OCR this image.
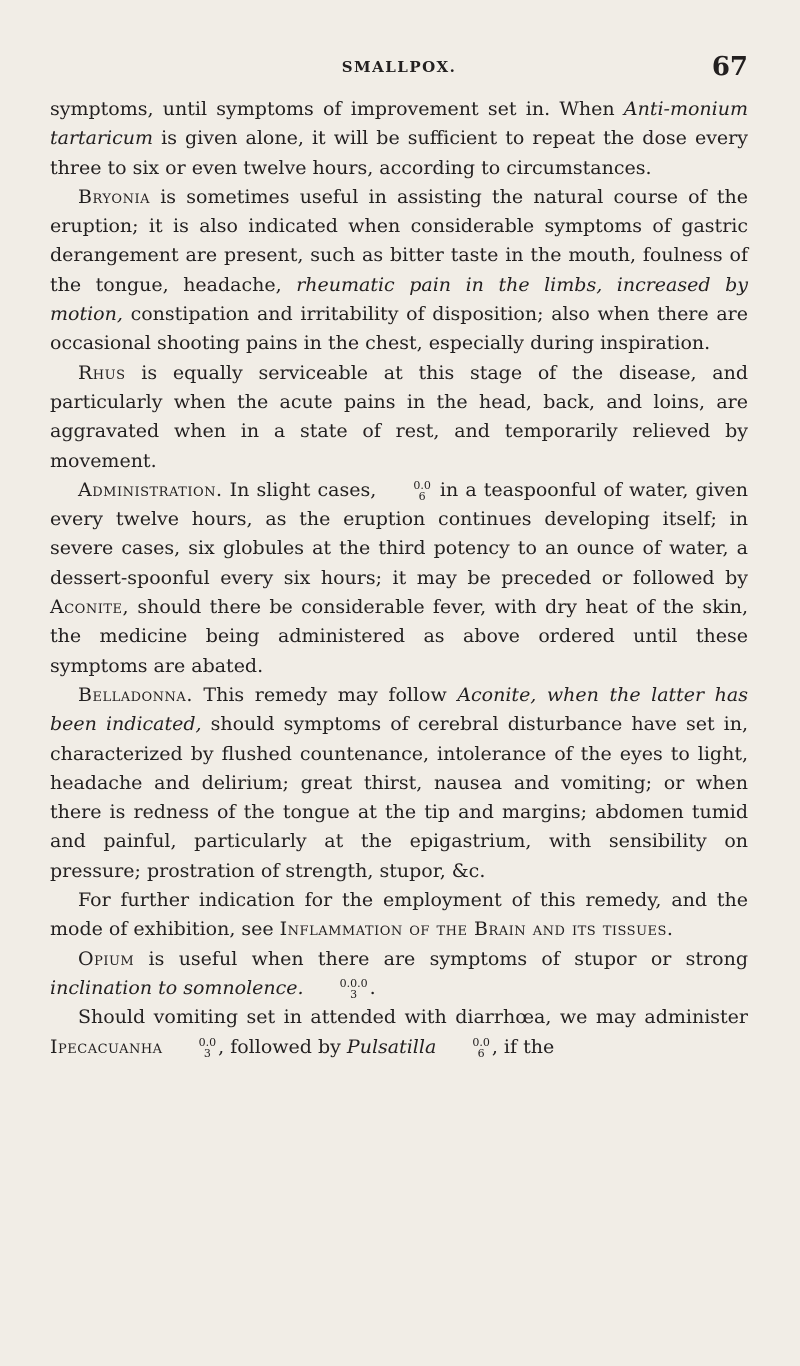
SMALLPOX.	67

symptoms, until symptoms of improvement set in. When Anti-monium tartaricum is given alone, it will be sufficient to repeat the dose every three to six or even twelve hours, according to circumstances.

Bryonia is sometimes useful in assisting the natural course of the eruption; it is also indicated when considerable symptoms of gastric derangement are present, such as bitter taste in the mouth, foulness of the tongue, headache, rheumatic pain in the limbs, increased by motion, constipation and irritability of disposition; also when there are occasional shooting pains in the chest, especially during inspiration.

Rhus is equally serviceable at this stage of the disease, and particularly when the acute pains in the head, back, and loins, are aggravated when in a state of rest, and temporarily relieved by movement.

Administration. In slight cases,	0.0
6 in a teaspoonful of water, given every twelve hours, as the eruption continues developing itself; in severe cases, six globules at the third potency to an ounce of water, a dessert-spoonful every six hours; it may be preceded or followed by Aconite, should there be considerable fever, with dry heat of the skin, the medicine being administered as above ordered until these symptoms are abated.

Belladonna. This remedy may follow Aconite, when the latter has been indicated, should symptoms of cerebral disturbance have set in, characterized by flushed countenance, intolerance of the eyes to light, headache and delirium; great thirst, nausea and vomiting; or when there is redness of the tongue at the tip and margins; abdomen tumid and painful, particularly at the epigastrium, with sensibility on pressure; prostration of strength, stupor, &c.

For further indication for the employment of this remedy, and the mode of exhibition, see Inflammation of the Brain and its tissues.

Opium is useful when there are symptoms of stupor or strong inclination to somnolence.	0.0.0
3 .

Should vomiting set in attended with diarrhœa, we may administer Ipecacuanha	0.0
3 , followed by Pulsatilla	0.0
6 , if the
